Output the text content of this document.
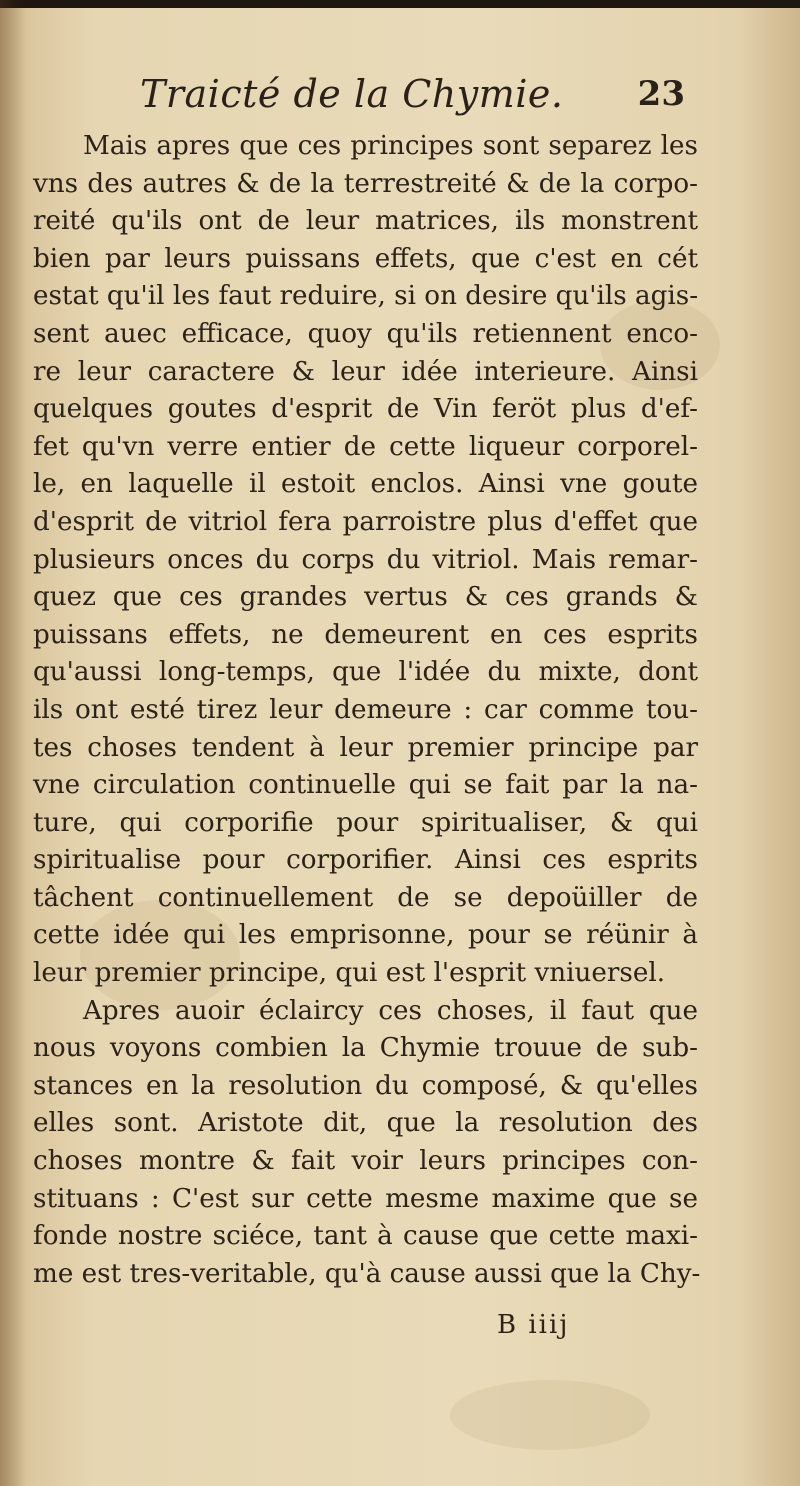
Traicté de la Chymie. 23
Mais apres que ces principes sont separez les
vns des autres & de la terrestreité & de la corpo-
reité qu'ils ont de leur matrices, ils monstrent
bien par leurs puissans effets, que c'est en cét
estat qu'il les faut reduire, si on desire qu'ils agis-
sent auec efficace, quoy qu'ils retiennent enco-
re leur caractere & leur idée interieure. Ainsi
quelques goutes d'esprit de Vin feröt plus d'ef-
fet qu'vn verre entier de cette liqueur corporel-
le, en laquelle il estoit enclos. Ainsi vne goute
d'esprit de vitriol fera parroistre plus d'effet que
plusieurs onces du corps du vitriol. Mais remar-
quez que ces grandes vertus & ces grands &
puissans effets, ne demeurent en ces esprits
qu'aussi long-temps, que l'idée du mixte, dont
ils ont esté tirez leur demeure : car comme tou-
tes choses tendent à leur premier principe par
vne circulation continuelle qui se fait par la na-
ture, qui corporifie pour spiritualiser, & qui
spiritualise pour corporifier. Ainsi ces esprits
tâchent continuellement de se depoüiller de
cette idée qui les emprisonne, pour se réünir à
leur premier principe, qui est l'esprit vniuersel.
Apres auoir éclaircy ces choses, il faut que
nous voyons combien la Chymie trouue de sub-
stances en la resolution du composé, & qu'elles
elles sont. Aristote dit, que la resolution des
choses montre & fait voir leurs principes con-
stituans : C'est sur cette mesme maxime que se
fonde nostre sciéce, tant à cause que cette maxi-
me est tres-veritable, qu'à cause aussi que la Chy-
B iiij
